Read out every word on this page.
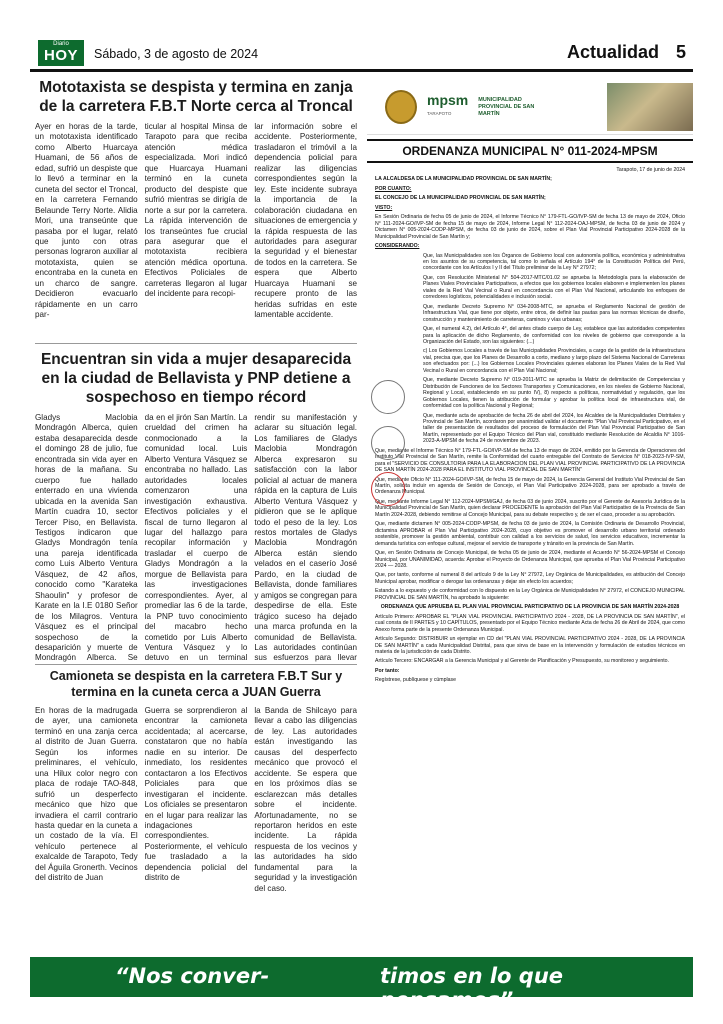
Diario
HOY	Sábado, 3 de agosto de 2024	Actualidad 5
Mototaxista se despista y termina en zanja de la carretera F.B.T Norte cerca al Troncal
Ayer en horas de la tarde, un mototaxista identificado como Alberto Huarcaya Huamani, de 56 años de edad, sufrió un despiste que lo llevó a terminar en la cuneta del sector el Troncal, en la carretera Fernando Belaunde Terry Norte. Alidia Mori, una transeúnte que pasaba por el lugar, relató que junto con otras personas lograron auxiliar al mototaxista, quien se encontraba en la cuneta en un charco de sangre. Decidieron evacuarlo rápidamente en un carro par-
ticular al hospital Minsa de Tarapoto para que reciba atención médica especializada. Mori indicó que Huarcaya Huamani terminó en la cuneta producto del despiste que sufrió mientras se dirigía de norte a sur por la carretera. La rápida intervención de los transeúntes fue crucial para asegurar que el mototaxista recibiera atención médica oportuna. Efectivos Policiales de carreteras llegaron al lugar del incidente para recopi-
lar información sobre el accidente. Posteriormente, trasladaron el trimóvil a la dependencia policial para realizar las diligencias correspondientes según la ley. Este incidente subraya la importancia de la colaboración ciudadana en situaciones de emergencia y la rápida respuesta de las autoridades para asegurar la seguridad y el bienestar de todos en la carretera. Se espera que Alberto Huarcaya Huamani se recupere pronto de las heridas sufridas en este lamentable accidente.
Encuentran sin vida a mujer desaparecida en la ciudad de Bellavista y PNP detiene a sospechoso en tiempo récord
Gladys Maclobia Mondragón Alberca, quien estaba desaparecida desde el domingo 28 de julio, fue encontrada sin vida ayer en horas de la mañana. Su cuerpo fue hallado enterrado en una vivienda ubicada en la avenida San Martín cuadra 10, sector Tercer Piso, en Bellavista. Testigos indicaron que Gladys Mondragón tenía una pareja identificada como Luis Alberto Ventura Vásquez, de 42 años, conocido como "Karateka Shaoulin" y profesor de Karate en la I.E 0180 Señor de los Milagros. Ventura Vásquez es el principal sospechoso de la desaparición y muerte de Mondragón Alberca. Se
da en el jirón San Martín. La crueldad del crimen ha conmocionado a la comunidad local. Luis Alberto Ventura Vásquez se encontraba no hallado. Las autoridades locales comenzaron una investigación exhaustiva. Efectivos policiales y el fiscal de turno llegaron al lugar del hallazgo para recopilar información y trasladar el cuerpo de Gladys Mondragón a la morgue de Bellavista para las investigaciones correspondientes. Ayer, al promediar las 6 de la tarde, la PNP tuvo conocimiento del macabro hecho cometido por Luis Alberto Ventura Vásquez y lo detuvo en un terminal
rendir su manifestación y aclarar su situación legal. Los familiares de Gladys Maclobia Mondragón Alberca expresaron su satisfacción con la labor policial al actuar de manera rápida en la captura de Luis Alberto Ventura Vásquez y pidieron que se le aplique todo el peso de la ley. Los restos mortales de Gladys Maclobia Mondragón Alberca están siendo velados en el caserío José Pardo, en la ciudad de Bellavista, donde familiares y amigos se congregan para despedirse de ella. Este trágico suceso ha dejado una marca profunda en la comunidad de Bellavista. Las autoridades continúan sus esfuerzos para llevar
Camioneta se despista en la carretera F.B.T Sur y termina en la cuneta cerca a JUAN Guerra
En horas de la madrugada de ayer, una camioneta terminó en una zanja cerca al distrito de Juan Guerra. Según los informes preliminares, el vehículo, una Hilux color negro con placa de rodaje TAO-848, sufrió un desperfecto mecánico que hizo que invadiera el carril contrario hasta quedar en la cuneta a un costado de la vía. El vehículo pertenece al exalcalde de Tarapoto, Tedy del Águila Gronerth. Vecinos del distrito de Juan
Guerra se sorprendieron al encontrar la camioneta accidentada; al acercarse, constataron que no había nadie en su interior. De inmediato, los residentes contactaron a los Efectivos Policiales para que investigaran el incidente. Los oficiales se presentaron en el lugar para realizar las indagaciones correspondientes. Posteriormente, el vehículo fue trasladado a la dependencia policial del distrito de
la Banda de Shilcayo para llevar a cabo las diligencias de ley. Las autoridades están investigando las causas del desperfecto mecánico que provocó el accidente. Se espera que en los próximos días se esclarezcan más detalles sobre el incidente. Afortunadamente, no se reportaron heridos en este incidente. La rápida respuesta de los vecinos y las autoridades ha sido fundamental para la seguridad y la investigación del caso.
mpsm
TARAPOTO
MUNICIPALIDAD PROVINCIAL DE SAN MARTÍN
ORDENANZA MUNICIPAL N° 011-2024-MPSM

Tarapoto, 17 de junio de 2024

LA ALCALDESA DE LA MUNICIPALIDAD PROVINCIAL DE SAN MARTÍN;

POR CUANTO:

EL CONCEJO DE LA MUNICIPALIDAD PROVINCIAL DE SAN MARTÍN;

VISTO:

En Sesión Ordinaria de fecha 05 de junio de 2024, el Informe Técnico N° 179-FTL-GO/IVP-SM de fecha 13 de mayo de 2024, Oficio N° 111-2024-GO/IVP-SM de fecha 15 de mayo de 2024, Informe Legal N° 112-2024-OAJ-MPSM, de fecha 03 de junio de 2024 y Dictamen N° 005-2024-CODP-MPSM, de fecha 03 de junio de 2024, sobre el Plan Vial Provincial Participativo 2024-2028 de la Municipalidad Provincial de San Martín y;

CONSIDERANDO:

Que, las Municipalidades son los Órganos de Gobierno local con autonomía política, económica y administrativa en los asuntos de su competencia, tal como lo señala el Artículo 194° de la Constitución Política del Perú, concordante con los Artículos I y II del Título preliminar de la Ley N° 27972;

Que, con Resolución Ministerial N° 504-2017-MTC/01.02 se aprueba la Metodología para la elaboración de Planes Viales Provinciales Participativos, a efectos que los gobiernos locales elaboren e implementen los planes viales de la Red Vial Vecinal o Rural en concordancia con el Plan Vial Nacional, articulando los enfoques de corredores logísticos, potencialidades e inclusión social.

Que, mediante Decreto Supremo N° 034-2008-MTC, se aprueba el Reglamento Nacional de gestión de Infraestructura Vial, que tiene por objeto, entre otros, de definir las pautas para las normas técnicas de diseño, construcción y mantenimiento de carreteras, caminos y vías urbanas;

Que, el numeral 4.2), del Artículo 4°, del antes citado cuerpo de Ley, establece que las autoridades competentes para la aplicación de dicho Reglamento, de conformidad con los niveles de gobierno que corresponde a la Organización del Estado, son las siguientes: (...)

c) Los Gobiernos Locales a través de las Municipalidades Provinciales, a cargo de la gestión de la infraestructura vial, precisa que, que los Planes de Desarrollo a corto, mediano y largo plazo del Sistema Nacional de Carreteras son efectuados por: (...) los Gobiernos Locales Provinciales quienes elaboran los Planes Viales de la Red Vial Vecinal o Rural en concordancia con el Plan Vial Nacional;

Que, mediante Decreto Supremo N° 019-2011-MTC se aprueba la Matriz de delimitación de Competencias y Distribución de Funciones de los Sectores Transportes y Comunicaciones, en los niveles de Gobierno Nacional, Regional y Local, estableciendo en su punto IV), 8) respecto a políticas, normatividad y regulación, que los Gobiernos Locales, tienen la atribución de formular y aprobar la política local de infraestructura vial, de conformidad con la política Nacional y Regional;

Que, mediante acta de aprobación de fecha 26 de abril del 2024, los Alcaldes de la Municipalidades Distritales y Provincial de San Martín, acordaron por unanimidad validar el documento "Plan Vial Provincial Participativo, en el taller de presentación de resultados del proceso de formulación del Plan Vial Provincial Participativo de San Martín, representado por el Equipo Técnico del Plan vial, constituido mediante Resolución de Alcaldía N° 1016-2023-A-MPSM de fecha 24 de noviembre de 2023.

Que, mediante el Informe Técnico N° 179-FTL-GO/IVP-SM de fecha 13 de mayo de 2024, emitido por la Gerencia de Operaciones del Instituto Vial Provincial de San Martín, remite la Conformidad del cuarto entregable del Contrato de Servicios N° 018-2023-IVP-SM, para el "SERVICIO DE CONSULTORIA PARA LA ELABORACION DEL PLAN VIAL PROVINCIAL PARTICIPATIVO DE LA PROVINCIA DE SAN MARTÍN 2024-2028 PARA EL INSTITUTO VIAL PROVINCIAL DE SAN MARTÍN"

Que, mediante Oficio N° 111-2024-GO/IVP-SM, de fecha 15 de mayo de 2024, la Gerencia General del Instituto Vial Provincial de San Martín, solicita incluir en agenda de Sesión de Concejo, el Plan Vial Participativo 2024-2028, para ser aprobado a través de Ordenanza Municipal.

Que, mediante Informe Legal N° 112-2024-MPSM/GAJ, de fecha 03 de junio 2024, suscrito por el Gerente de Asesoría Jurídica de la Municipalidad Provincial de San Martín, quien declarar PROCEDENTE la aprobación del Plan Vial Participativo de la Provincia de San Martín 2024-2028, debiendo remitirse al Concejo Municipal, para su debate respectivo y, de ser el caso, proceder a su aprobación.

Que, mediante dictamen N° 005-2024-CODP-MPSM, de fecha 03 de junio de 2024, la Comisión Ordinaria de Desarrollo Provincial, dictamina APROBAR el Plan Vial Participativo 2024-2028, cuyo objetivo es promover el desarrollo urbano territorial ordenado sostenible, promover la gestión ambiental, contribuir con calidad a los servicios de salud, los servicios educativos, incrementar la demanda turística con enfoque cultural, mejorar el servicio de transporte y tránsito en la provincia de San Martín.

Que, en Sesión Ordinaria de Concejo Municipal, de fecha 05 de junio de 2024, mediante el Acuerdo N° 56-2024-MPSM el Concejo Municipal, por UNANIMIDAD, acuerda: Aprobar el Proyecto de Ordenanza Municipal, que aprueba el Plan Vial Provincial Participativo 2024 — 2028.

Que, por tanto, conforme al numeral 8 del artículo 9 de la Ley N° 27972, Ley Orgánica de Municipalidades, es atribución del Concejo Municipal aprobar, modificar o derogar las ordenanzas y dejar sin efecto los acuerdos;

Estando a lo expuesto y de conformidad con lo dispuesto en la Ley Orgánica de Municipalidades N° 27972, el CONCEJO MUNICIPAL PROVINCIAL DE SAN MARTÍN, ha aprobado la siguiente:

ORDENANZA QUE APRUEBA EL PLAN VIAL PROVINCIAL PARTICIPATIVO DE LA PROVINCIA DE SAN MARTÍN 2024-2028

Artículo Primero: APROBAR EL "PLAN VIAL PROVINCIAL PARTICIPATIVO 2024 - 2028, DE LA PROVINCIA DE SAN MARTÍN", el cual consta de II PARTES y 10 CAPÍTULOS, presentado por el Equipo Técnico mediante Acta de fecha 26 de Abril de 2024, que como Anexo forma parte de la presente Ordenanza Municipal.

Artículo Segundo: DISTRIBUIR un ejemplar en CD del "PLAN VIAL PROVINCIAL PARTICIPATIVO 2024 - 2028, DE LA PROVINCIA DE SAN MARTÍN" a cada Municipalidad Distrital, para que sirva de base en la intervención y formulación de estudios técnicos en materia de la jurisdicción de cada Distrito.

Artículo Tercero: ENCARGAR a la Gerencia Municipal y al Gerente de Planificación y Presupuesto, su monitoreo y seguimiento.

Por tanto:

Regístrese, publíquese y cúmplase

“Nos conver-	timos en lo que pensamos”
